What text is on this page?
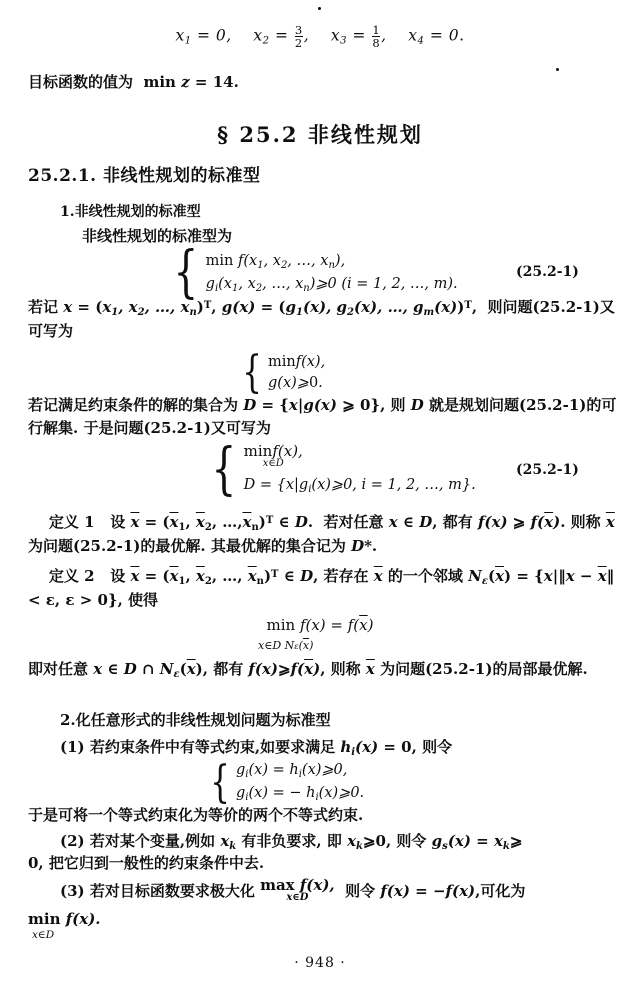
x1 = 0,    $x2 = \frac{3}{2}$ ,    $x3 = \frac{1}{8}$ ,    x4 = 0.
目标函数的值为  min z = 14.
§ 25.2 非线性规划
25.2.1. 非线性规划的标准型
1.非线性规划的标准型
非线性规划的标准型为
{ $\min f(x_1$, $x_2$, …, $x_n$),
$g_i(x_1$, $x_2$, …, $x_n)⩾0$ (i = 1, 2, …, m).
(25.2-1)
若记 $x = (x_1$, $x_2$, …, $x_n)^T$, $g(x) = (g_1(x)$, $g_2(x)$, …, $g_m(x))^T$,  则问题(25.2-1)又可写为
{ minf(x),
g(x)⩾0.
若记满足约束条件的解的集合为 D = {x|g(x) ⩾ 0}, 则 D 就是规划问题(25.2-1)的可行解集. 于是问题(25.2-1)又可写为
{ minf(x),
x∈D
$D = \{x|g_i(x)⩾0$, i = 1, 2, …, m}.
(25.2-1)
定义 1   设 $\overline{x} = (\overline{x}_1$, $\overline{x}_2$, $\dots,\overline{x}_n)^T$ ∈ D.  若对任意 x ∈ D, 都有 f(x) ⩾ $f(\overline{x})$. 则称 $\overline{x}$ 为问题(25.2-1)的最优解. 其最优解的集合记为 D*.
定义 2   设 $\overline{x} = (\overline{x}_1$, $\overline{x}_2$, …, $\overline{x}_n)^T$ ∈ D, 若存在 $\overline{x}$ 的一个邻域 $N_\varepsilon(\overline{x})$ = {x|‖x − $\overline{x}‖ < \varepsilon$, ε > 0}, 使得
$\min f(x) = f(\overline{x})$
x∈D $N\varepsilon(\overline{x})$
即对任意 x ∈ D ∩ $N_\varepsilon(\overline{x})$, 都有 $f(x)⩾f(\overline{x})$, 则称 $\overline{x}$ 为问题(25.2-1)的局部最优解.
2.化任意形式的非线性规划问题为标准型
(1) 若约束条件中有等式约束,如要求满足 $h_i(x) = 0$, 则令
{ $g_i(x)$ = $h_i(x)⩾0$,
$g_i(x)$ = − $h_i(x)⩾0$.
于是可将一个等式约束化为等价的两个不等式约束.
(2) 若对某个变量,例如 $x_k$ 有非负要求, 即 $x_k⩾0$, 则令 $g_s(x)$ = $x_k⩾$
0, 把它归到一般性的约束条件中去.
(3) 若对目标函数要求极大化 max f(x),
x∈D	则令 f(x) = −f(x),可化为
min f(x).
x∈D
· 948 ·
